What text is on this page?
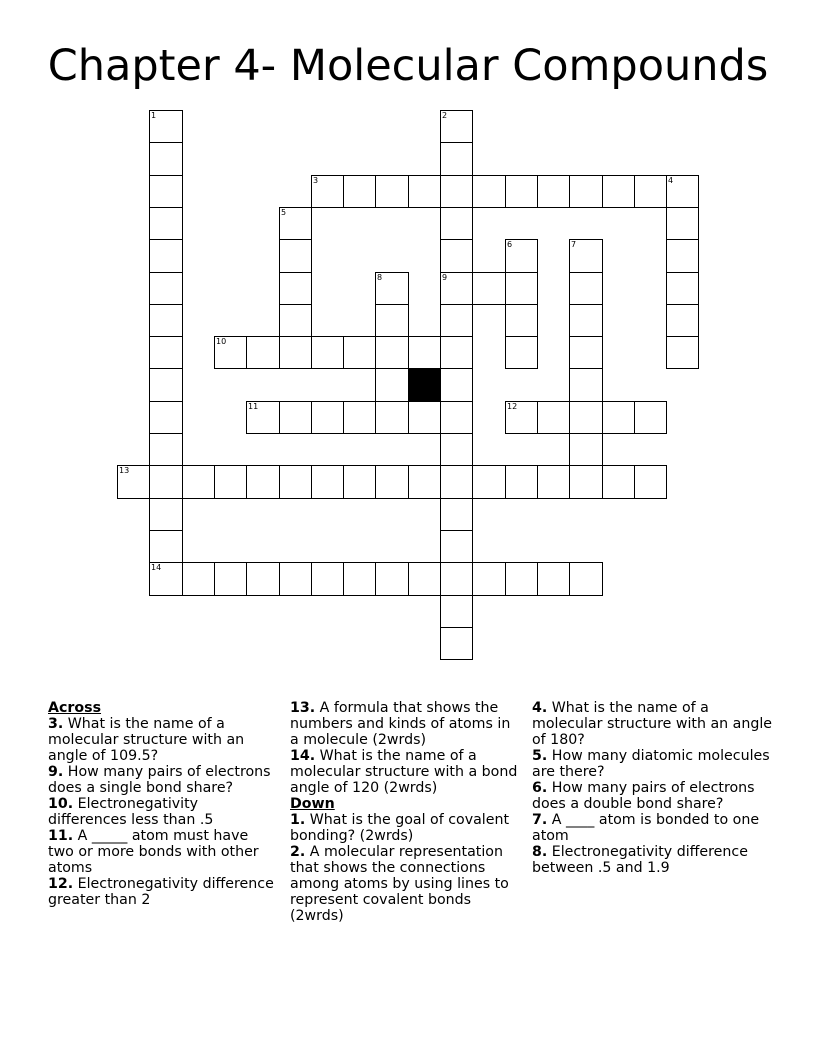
Chapter 4- Molecular Compounds
1	2
9
3	4
5
6	7
8
10
11	12
13
14
Across
3. What is the name of a molecular structure with an angle of 109.5?
9. How many pairs of electrons does a single bond share?
10. Electronegativity differences less than .5
11. A _____ atom must have two or more bonds with other atoms
12. Electronegativity difference greater than 2
13. A formula that shows the numbers and kinds of atoms in a molecule (2wrds)
14. What is the name of a molecular structure with a bond angle of 120 (2wrds)
Down
1. What is the goal of covalent bonding? (2wrds)
2. A molecular representation that shows the connections among atoms by using lines to represent covalent bonds (2wrds)
4. What is the name of a molecular structure with an angle of 180?
5. How many diatomic molecules are there?
6. How many pairs of electrons does a double bond share?
7. A ____ atom is bonded to one atom
8. Electronegativity difference between .5 and 1.9
